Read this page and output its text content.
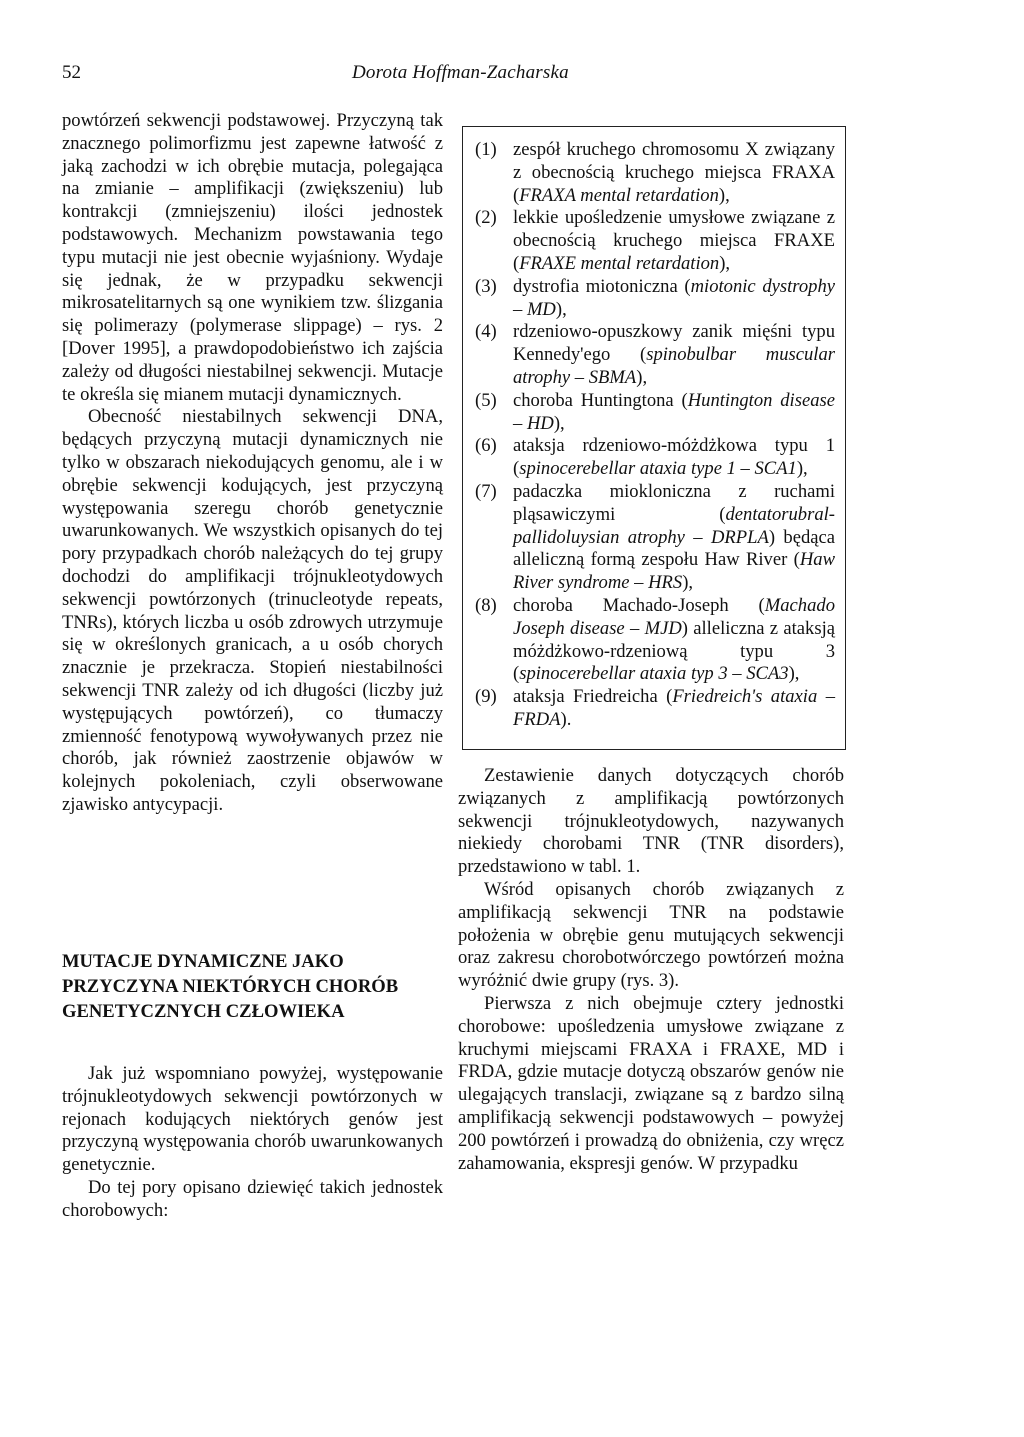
52	Dorota Hoffman-Zacharska

powtórzeń sekwencji podstawowej. Przyczyną tak znacznego polimorfizmu jest zapewne łatwość z jaką zachodzi w ich obrębie mutacja, polegająca na zmianie – amplifikacji (zwiększeniu) lub kontrakcji (zmniejszeniu) ilości jednostek podstawowych. Mechanizm powstawania tego typu mutacji nie jest obecnie wyjaśniony. Wydaje się jednak, że w przypadku sekwencji mikrosatelitarnych są one wynikiem tzw. ślizgania się polimerazy (polymerase slippage) – rys. 2 [Dover 1995], a prawdopodobieństwo ich zajścia zależy od długości niestabilnej sekwencji. Mutacje te określa się mianem mutacji dynamicznych.

Obecność niestabilnych sekwencji DNA, będących przyczyną mutacji dynamicznych nie tylko w obszarach niekodujących genomu, ale i w obrębie sekwencji kodujących, jest przyczyną występowania szeregu chorób genetycznie uwarunkowanych. We wszystkich opisanych do tej pory przypadkach chorób należących do tej grupy dochodzi do amplifikacji trójnukleotydowych sekwencji powtórzonych (trinucleotyde repeats, TNRs), których liczba u osób zdrowych utrzymuje się w określonych granicach, a u osób chorych znacznie je przekracza. Stopień niestabilności sekwencji TNR zależy od ich długości (liczby już występujących powtórzeń), co tłumaczy zmienność fenotypową wywoływanych przez nie chorób, jak również zaostrzenie objawów w kolejnych pokoleniach, czyli obserwowane zjawisko antycypacji.

MUTACJE DYNAMICZNE JAKO PRZYCZYNA NIEKTÓRYCH CHORÓB GENETYCZNYCH CZŁOWIEKA

Jak już wspomniano powyżej, występowanie trójnukleotydowych sekwencji powtórzonych w rejonach kodujących niektórych genów jest przyczyną występowania chorób uwarunkowanych genetycznie.

Do tej pory opisano dziewięć takich jednostek chorobowych:

(1) zespół kruchego chromosomu X związany z obecnością kruchego miejsca FRAXA (FRAXA mental retardation),
(2) lekkie upośledzenie umysłowe związane z obecnością kruchego miejsca FRAXE (FRAXE mental retardation),
(3) dystrofia miotoniczna (miotonic dystrophy – MD),
(4) rdzeniowo-opuszkowy zanik mięśni typu Kennedy'ego (spinobulbar muscular atrophy – SBMA),
(5) choroba Huntingtona (Huntington disease – HD),
(6) ataksja rdzeniowo-móżdżkowa typu 1 (spinocerebellar ataxia type 1 – SCA1),
(7) padaczka miokloniczna z ruchami pląsawiczymi (dentatorubral-pallidoluysian atrophy – DRPLA) będąca alleliczną formą zespołu Haw River (Haw River syndrome – HRS),
(8) choroba Machado-Joseph (Machado Joseph disease – MJD) alleliczna z ataksją móżdżkowo-rdzeniową typu 3 (spinocerebellar ataxia typ 3 – SCA3),
(9) ataksja Friedreicha (Friedreich's ataxia – FRDA).

Zestawienie danych dotyczących chorób związanych z amplifikacją powtórzonych sekwencji trójnukleotydowych, nazywanych niekiedy chorobami TNR (TNR disorders), przedstawiono w tabl. 1.

Wśród opisanych chorób związanych z amplifikacją sekwencji TNR na podstawie położenia w obrębie genu mutujących sekwencji oraz zakresu chorobotwórczego powtórzeń można wyróżnić dwie grupy (rys. 3).

Pierwsza z nich obejmuje cztery jednostki chorobowe: upośledzenia umysłowe związane z kruchymi miejscami FRAXA i FRAXE, MD i FRDA, gdzie mutacje dotyczą obszarów genów nie ulegających translacji, związane są z bardzo silną amplifikacją sekwencji podstawowych – powyżej 200 powtórzeń i prowadzą do obniżenia, czy wręcz zahamowania, ekspresji genów. W przypadku
